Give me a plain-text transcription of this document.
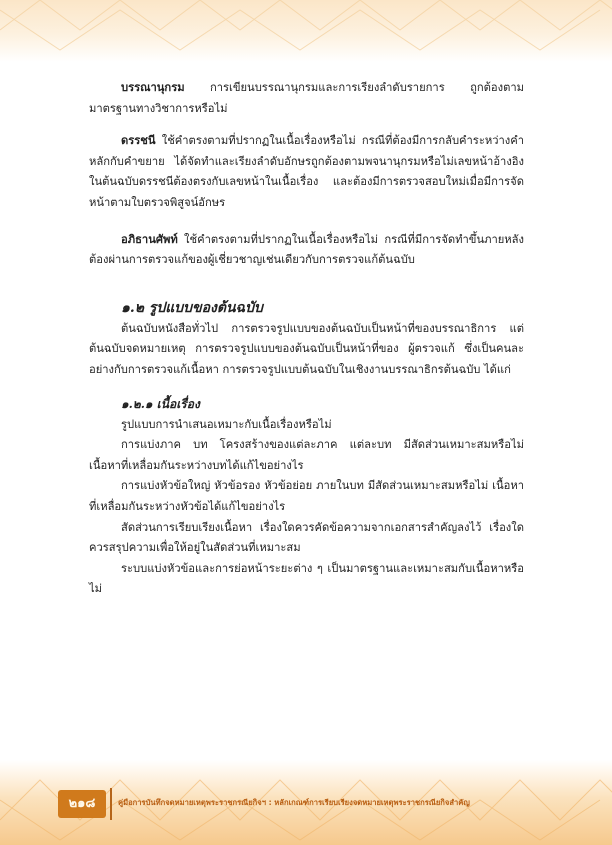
บรรณานุกรม การเขียนบรรณานุกรมและการเรียงลำดับรายการ ถูกต้องตามมาตรฐานทางวิชาการหรือไม่

ดรรชนี ใช้คำตรงตามที่ปรากฏในเนื้อเรื่องหรือไม่ กรณีที่ต้องมีการกลับคำระหว่างคำหลักกับคำขยาย ได้จัดทำและเรียงลำดับอักษรถูกต้องตามพจนานุกรมหรือไม่เลขหน้าอ้างอิงในต้นฉบับดรรชนีต้องตรงกับเลขหน้าในเนื้อเรื่อง และต้องมีการตรวจสอบใหม่เมื่อมีการจัดหน้าตามใบตรวจพิสูจน์อักษร

อภิธานศัพท์ ใช้คำตรงตามที่ปรากฏในเนื้อเรื่องหรือไม่ กรณีที่มีการจัดทำขึ้นภายหลังต้องผ่านการตรวจแก้ของผู้เชี่ยวชาญเช่นเดียวกับการตรวจแก้ต้นฉบับ

๑.๒ รูปแบบของต้นฉบับ

ต้นฉบับหนังสือทั่วไป การตรวจรูปแบบของต้นฉบับเป็นหน้าที่ของบรรณาธิการ แต่ต้นฉบับจดหมายเหตุ การตรวจรูปแบบของต้นฉบับเป็นหน้าที่ของ ผู้ตรวจแก้ ซึ่งเป็นคนละอย่างกับการตรวจแก้เนื้อหา การตรวจรูปแบบต้นฉบับในเชิงงานบรรณาธิกรต้นฉบับ ได้แก่

๑.๒.๑ เนื้อเรื่อง

รูปแบบการนำเสนอเหมาะกับเนื้อเรื่องหรือไม่

การแบ่งภาค บท โครงสร้างของแต่ละภาค แต่ละบท มีสัดส่วนเหมาะสมหรือไม่ เนื้อหาที่เหลื่อมกันระหว่างบทได้แก้ไขอย่างไร

การแบ่งหัวข้อใหญ่ หัวข้อรอง หัวข้อย่อย ภายในบท มีสัดส่วนเหมาะสมหรือไม่ เนื้อหาที่เหลื่อมกันระหว่างหัวข้อได้แก้ไขอย่างไร

สัดส่วนการเรียบเรียงเนื้อหา เรื่องใดควรคัดข้อความจากเอกสารสำคัญลงไว้ เรื่องใดควรสรุปความเพื่อให้อยู่ในสัดส่วนที่เหมาะสม

ระบบแบ่งหัวข้อและการย่อหน้าระยะต่าง ๆ เป็นมาตรฐานและเหมาะสมกับเนื้อหาหรือไม่

๒๑๘	คู่มือการบันทึกจดหมายเหตุพระราชกรณียกิจฯ : หลักเกณฑ์การเรียบเรียงจดหมายเหตุพระราชกรณียกิจสำคัญ
